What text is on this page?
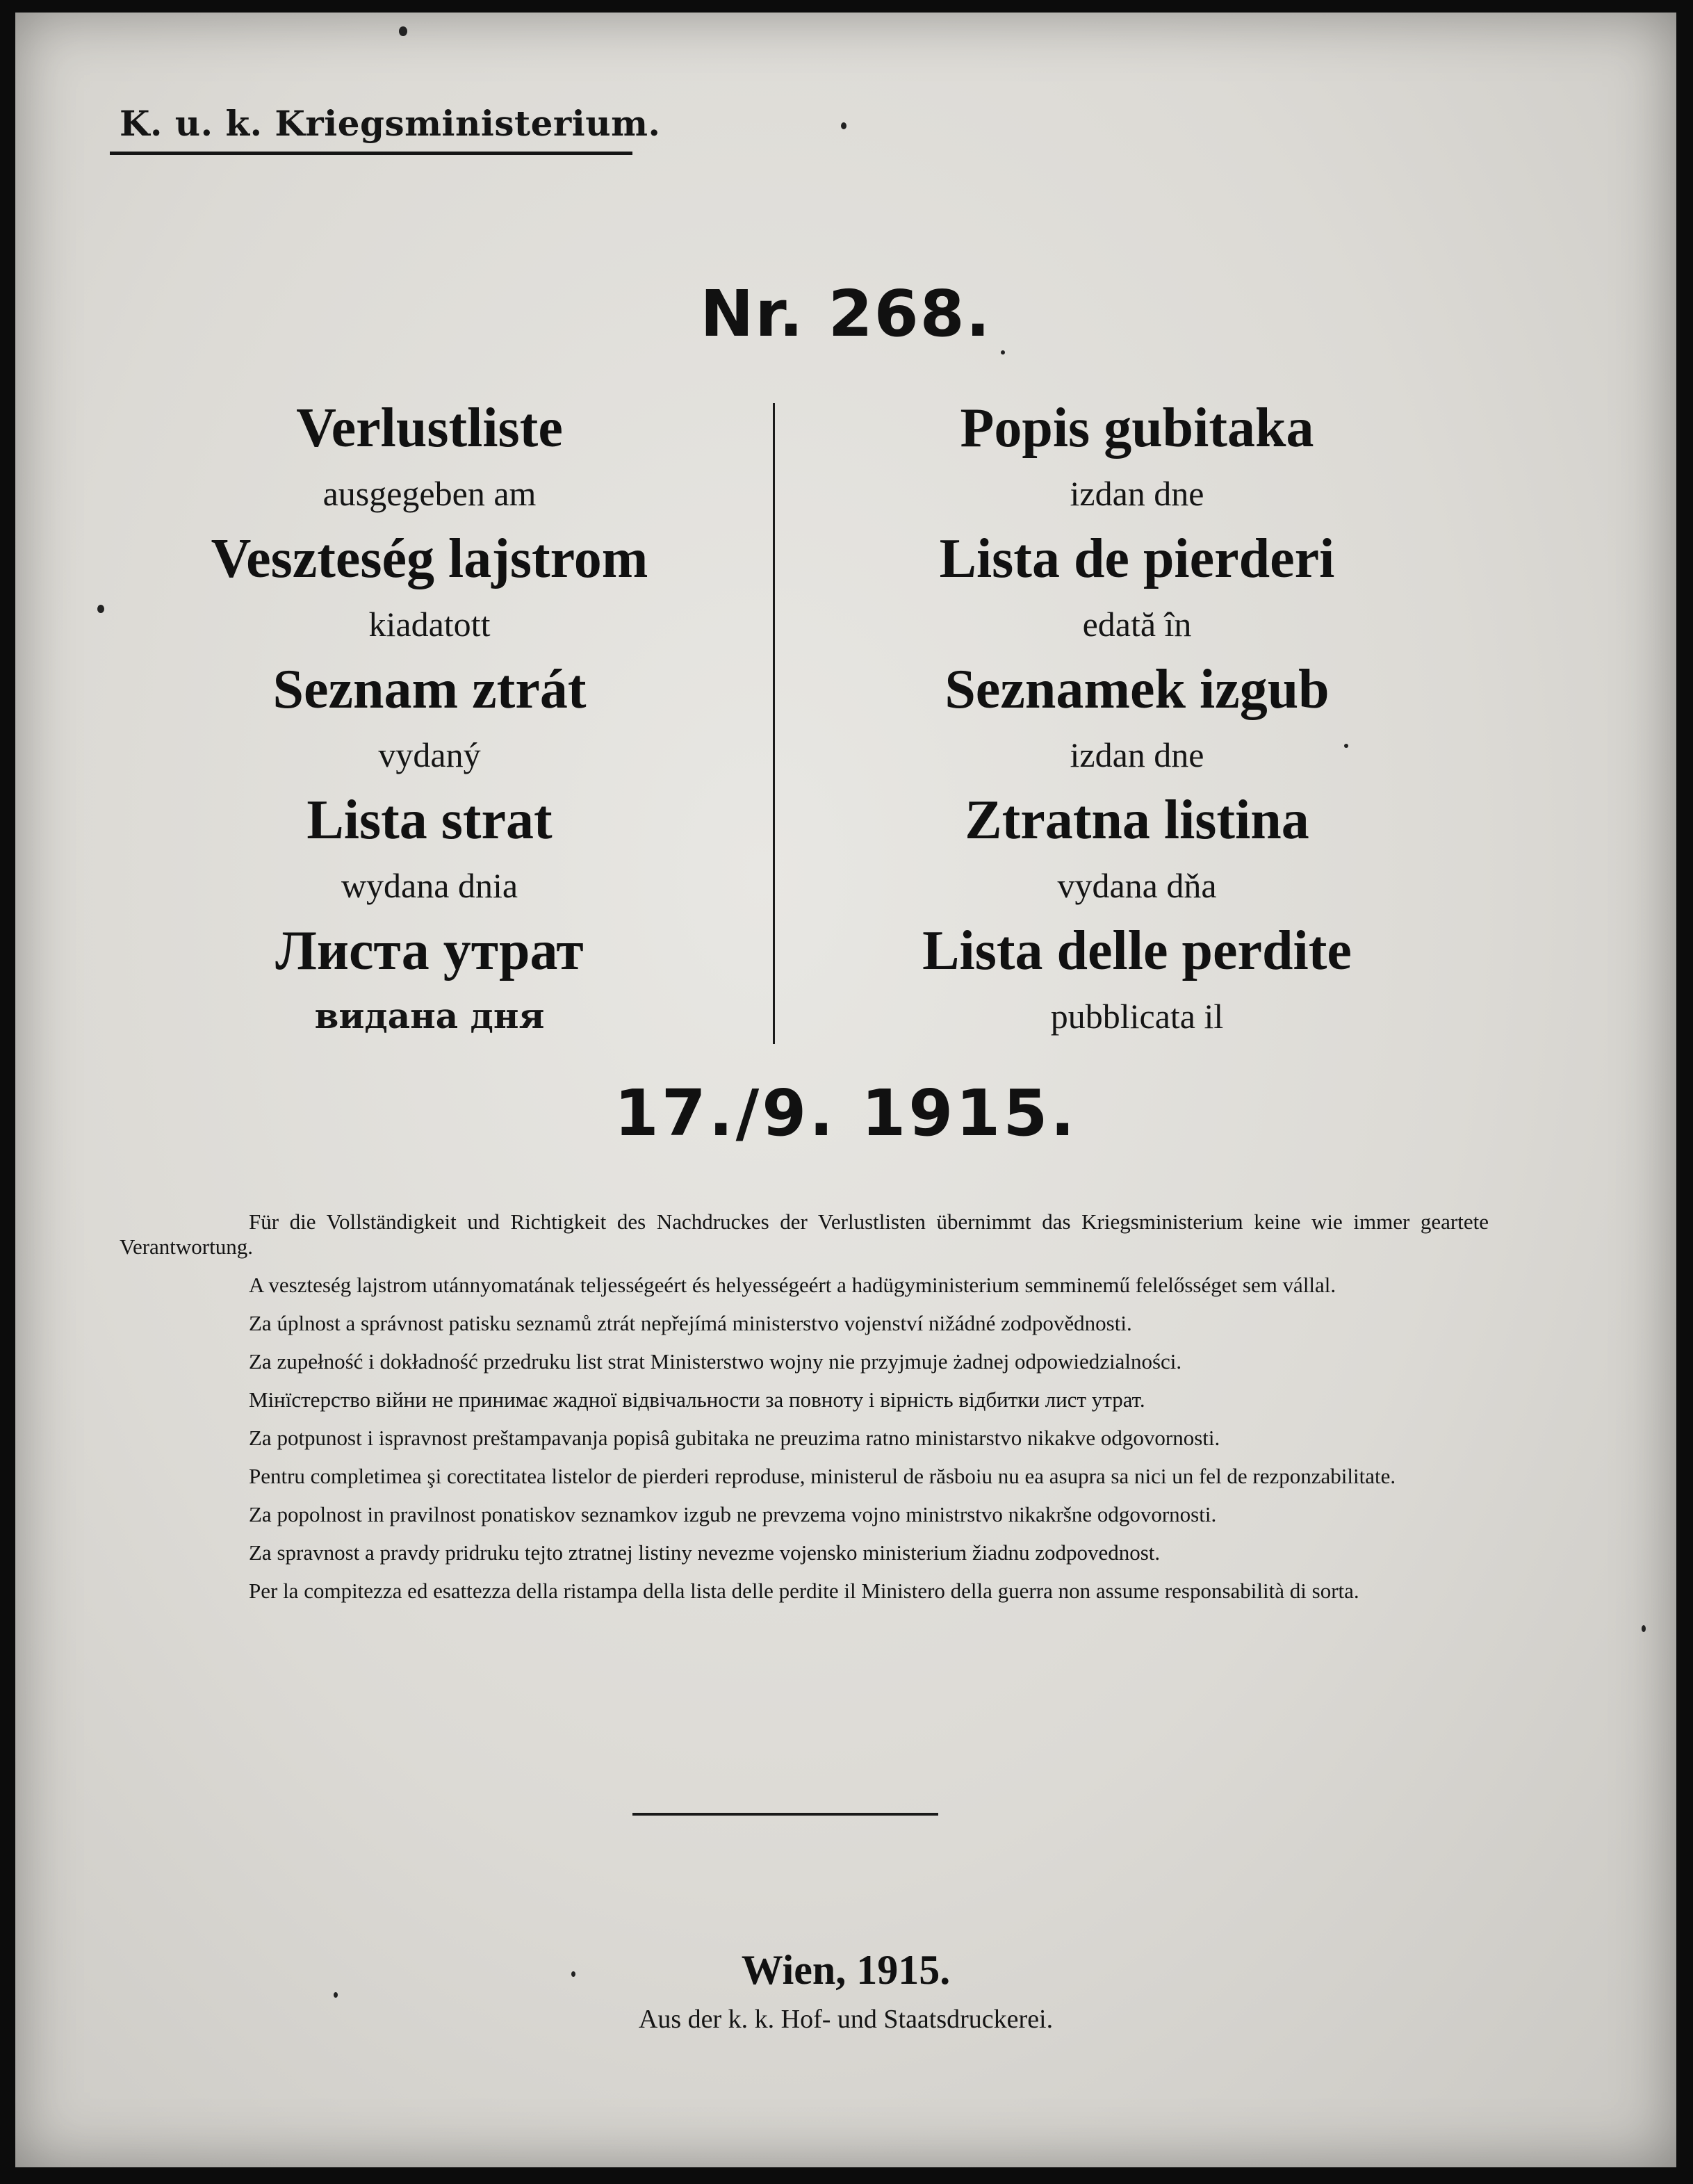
K. u. k. Kriegsministerium.
Nr. 268.
Verlustliste
ausgegeben am
Veszteség lajstrom
kiadatott
Seznam ztrát
vydaný
Lista strat
wydana dnia
Листа утрат
видана дня
Popis gubitaka
izdan dne
Lista de pierderi
edată în
Seznamek izgub
izdan dne
Ztratna listina
vydana dňa
Lista delle perdite
pubblicata il
17./9. 1915.

Für die Vollständigkeit und Richtigkeit des Nachdruckes der Verlustlisten übernimmt das Kriegsministerium keine wie immer geartete Verantwortung.

A veszteség lajstrom utánnyomatának teljességeért és helyességeért a hadügyministerium semminemű felelősséget sem vállal.

Za úplnost a správnost patisku seznamů ztrát nepřejímá ministerstvo vojenství nižádné zodpovědnosti.

Za zupełność i dokładność przedruku list strat Ministerstwo wojny nie przyjmuje żadnej odpowiedzialności.

Мінїстерство війни не принимає жадної відвічальности за повноту і вірність відбитки лист утрат.

Za potpunost i ispravnost preštampavanja popisâ gubitaka ne preuzima ratno ministarstvo nikakve odgovornosti.

Pentru completimea şi corectitatea listelor de pierderi reproduse, ministerul de răsboiu nu ea asupra sa nici un fel de rezponzabilitate.

Za popolnost in pravilnost ponatiskov seznamkov izgub ne prevzema vojno ministrstvo nikakršne odgovornosti.

Za spravnost a pravdy pridruku tejto ztratnej listiny nevezme vojensko ministerium žiadnu zodpovednost.

Per la compitezza ed esattezza della ristampa della lista delle perdite il Ministero della guerra non assume responsabilità di sorta.

Wien, 1915.
Aus der k. k. Hof- und Staatsdruckerei.
